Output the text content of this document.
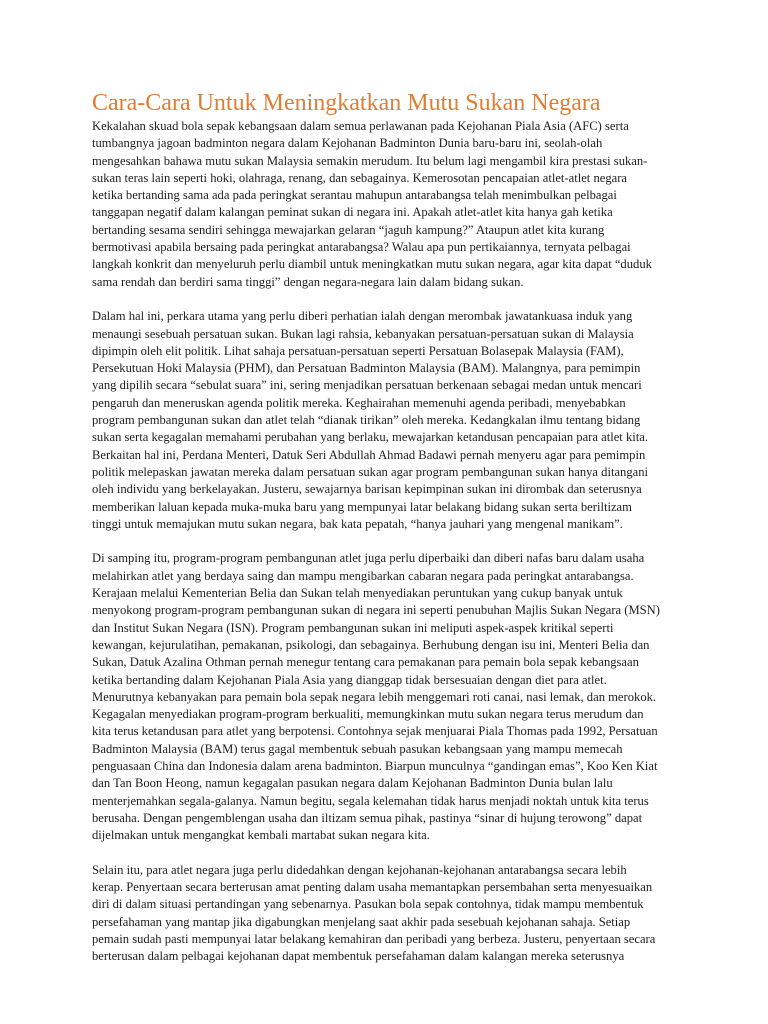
Cara-Cara Untuk Meningkatkan Mutu Sukan Negara

Kekalahan skuad bola sepak kebangsaan dalam semua perlawanan pada Kejohanan Piala Asia (AFC) serta
tumbangnya jagoan badminton negara dalam Kejohanan Badminton Dunia baru-baru ini, seolah-olah
mengesahkan bahawa mutu sukan Malaysia semakin merudum. Itu belum lagi mengambil kira prestasi sukan-
sukan teras lain seperti hoki, olahraga, renang, dan sebagainya. Kemerosotan pencapaian atlet-atlet negara
ketika bertanding sama ada pada peringkat serantau mahupun antarabangsa telah menimbulkan pelbagai
tanggapan negatif dalam kalangan peminat sukan di negara ini. Apakah atlet-atlet kita hanya gah ketika
bertanding sesama sendiri sehingga mewajarkan gelaran “jaguh kampung?” Ataupun atlet kita kurang
bermotivasi apabila bersaing pada peringkat antarabangsa? Walau apa pun pertikaiannya, ternyata pelbagai
langkah konkrit dan menyeluruh perlu diambil untuk meningkatkan mutu sukan negara, agar kita dapat “duduk
sama rendah dan berdiri sama tinggi” dengan negara-negara lain dalam bidang sukan.

Dalam hal ini, perkara utama yang perlu diberi perhatian ialah dengan merombak jawatankuasa induk yang
menaungi sesebuah persatuan sukan. Bukan lagi rahsia, kebanyakan persatuan-persatuan sukan di Malaysia
dipimpin oleh elit politik. Lihat sahaja persatuan-persatuan seperti Persatuan Bolasepak Malaysia (FAM),
Persekutuan Hoki Malaysia (PHM), dan Persatuan Badminton Malaysia (BAM). Malangnya, para pemimpin
yang dipilih secara “sebulat suara” ini, sering menjadikan persatuan berkenaan sebagai medan untuk mencari
pengaruh dan meneruskan agenda politik mereka. Keghairahan memenuhi agenda peribadi, menyebabkan
program pembangunan sukan dan atlet telah “dianak tirikan” oleh mereka. Kedangkalan ilmu tentang bidang
sukan serta kegagalan memahami perubahan yang berlaku, mewajarkan ketandusan pencapaian para atlet kita.
Berkaitan hal ini, Perdana Menteri, Datuk Seri Abdullah Ahmad Badawi pernah menyeru agar para pemimpin
politik melepaskan jawatan mereka dalam persatuan sukan agar program pembangunan sukan hanya ditangani
oleh individu yang berkelayakan. Justeru, sewajarnya barisan kepimpinan sukan ini dirombak dan seterusnya
memberikan laluan kepada muka-muka baru yang mempunyai latar belakang bidang sukan serta beriltizam
tinggi untuk memajukan mutu sukan negara, bak kata pepatah, “hanya jauhari yang mengenal manikam”.

Di samping itu, program-program pembangunan atlet juga perlu diperbaiki dan diberi nafas baru dalam usaha
melahirkan atlet yang berdaya saing dan mampu mengibarkan cabaran negara pada peringkat antarabangsa.
Kerajaan melalui Kementerian Belia dan Sukan telah menyediakan peruntukan yang cukup banyak untuk
menyokong program-program pembangunan sukan di negara ini seperti penubuhan Majlis Sukan Negara (MSN)
dan Institut Sukan Negara (ISN). Program pembangunan sukan ini meliputi aspek-aspek kritikal seperti
kewangan, kejurulatihan, pemakanan, psikologi, dan sebagainya. Berhubung dengan isu ini, Menteri Belia dan
Sukan, Datuk Azalina Othman pernah menegur tentang cara pemakanan para pemain bola sepak kebangsaan
ketika bertanding dalam Kejohanan Piala Asia yang dianggap tidak bersesuaian dengan diet para atlet.
Menurutnya kebanyakan para pemain bola sepak negara lebih menggemari roti canai, nasi lemak, dan merokok.
Kegagalan menyediakan program-program berkualiti, memungkinkan mutu sukan negara terus merudum dan
kita terus ketandusan para atlet yang berpotensi. Contohnya sejak menjuarai Piala Thomas pada 1992, Persatuan
Badminton Malaysia (BAM) terus gagal membentuk sebuah pasukan kebangsaan yang mampu memecah
penguasaan China dan Indonesia dalam arena badminton. Biarpun munculnya “gandingan emas”, Koo Ken Kiat
dan Tan Boon Heong, namun kegagalan pasukan negara dalam Kejohanan Badminton Dunia bulan lalu
menterjemahkan segala-galanya. Namun begitu, segala kelemahan tidak harus menjadi noktah untuk kita terus
berusaha. Dengan pengemblengan usaha dan iltizam semua pihak, pastinya “sinar di hujung terowong” dapat
dijelmakan untuk mengangkat kembali martabat sukan negara kita.

Selain itu, para atlet negara juga perlu didedahkan dengan kejohanan-kejohanan antarabangsa secara lebih
kerap. Penyertaan secara berterusan amat penting dalam usaha memantapkan persembahan serta menyesuaikan
diri di dalam situasi pertandingan yang sebenarnya. Pasukan bola sepak contohnya, tidak mampu membentuk
persefahaman yang mantap jika digabungkan menjelang saat akhir pada sesebuah kejohanan sahaja. Setiap
pemain sudah pasti mempunyai latar belakang kemahiran dan peribadi yang berbeza. Justeru, penyertaan secara
berterusan dalam pelbagai kejohanan dapat membentuk persefahaman dalam kalangan mereka seterusnya
